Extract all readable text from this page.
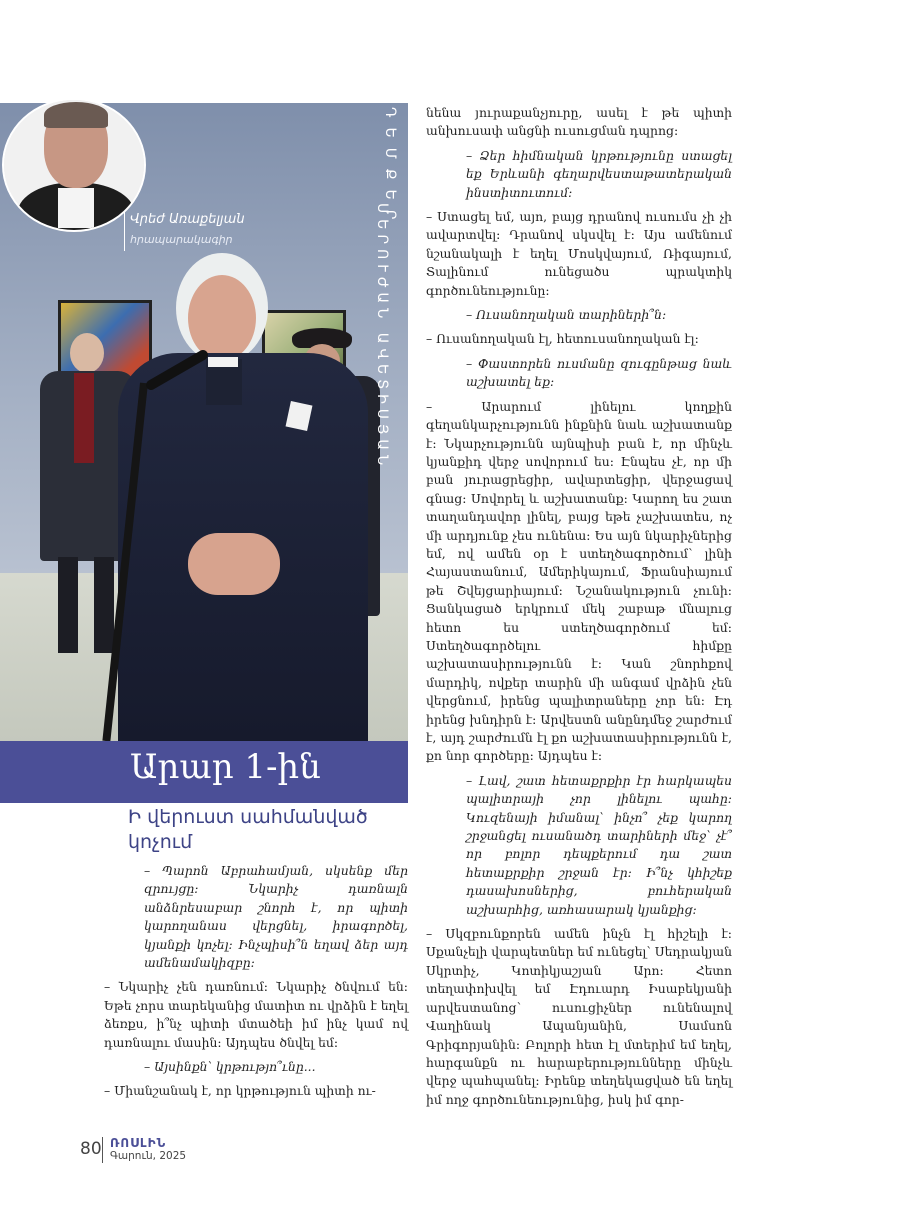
ԴԵՄՔԵՐ
ՄԵՐՈՒԺԱՆ ԱՎԵՏԻՍՅԱՆ
Վրեժ Առաքելյան
հրապարակագիր
Արար 1-ին
Ի վերուստ սահմանված կոչում

– Պարոն Աբրահամյան, սկսենք մեր զրույցը։ Նկարիչ դառնալն անձնրեսաբար շնորհ է, որ պիտի կարողանաս վերցնել, իրագործել, կյանքի կոչել։ Ինչպիսի՞ն եղավ ձեր այդ ամենամակիզբը։

– Նկարիչ չեն դառնում։ Նկարիչ ծնվում են։ Եթե չորս տարեկանից մատիտ ու վրձին է եղել ձեռքս, ի՞նչ պիտի մտածեի իմ ինչ կամ ով դառնալու մասին։ Այդպես ծնվել եմ։

– Այսինքն՝ կրթությո՞ւնը...

– Միանշանակ է, որ կրթություն պիտի ու-

նենա յուրաքանչյուրը, ասել է թե պիտի անխուսափ անցնի ուսուցման դպրոց։

– Ձեր հիմնական կրթությունը ստացել եք Երևանի գեղարվեստաթատերական ինստիտուտում։

– Ստացել եմ, այո, բայց դրանով ուսումս չի չի ավարտվել։ Դրանով սկսվել է։ Այս ամենում նշանակալի է եղել Մոսկվայում, Ռիգայում, Տալինում ունեցածս պրակտիկ գործունեությունը։

– Ուսանողական տարիների՞ն։

– Ուսանողական էլ, հետուսանողական էլ։

– Փաստորեն ուսմանը զուգընթաց նաև աշխատել եք։

– Արարում լինելու կողքին գեղանկարչությունն ինքնին նաև աշխատանք է։ Նկարչությունն այնպիսի բան է, որ մինչև կյանքիդ վերջ սովորում ես։ Էնպես չէ, որ մի բան յուրացրեցիր, ավարտեցիր, վերջացավ գնաց։ Սովորել և աշխատանք։ Կարող ես շատ տաղանդավոր լինել, բայց եթե չաշխատես, ոչ մի արդյունք չես ունենա։ Ես այն նկարիչներից եմ, ով ամեն օր է ստեղծագործում՝ լինի Հայաստանում, Ամերիկայում, Ֆրանսիայում թե Շվեյցարիայում։ Նշանակություն չունի։ Ցանկացած երկրում մեկ շաբաթ մնալուց հետո ես ստեղծագործում եմ։ Ստեղծագործելու հիմքը աշխատասիրությունն է։ Կան շնորհքով մարդիկ, ովքեր տարին մի անգամ վրձին չեն վերցնում, իրենց պալիտրաները չոր են։ Էդ իրենց խնդիրն է։ Արվեստն անընդմեջ շարժում է, այդ շարժումն էլ քո աշխատասիրությունն է, քո նոր գործերը։ Այդպես է։

– Լավ, շատ հետաքրքիր էր հարկապես պալիտրայի չոր լինելու պահը։ Կուզենայի իմանալ՝ ինչո՞ չեք կարող շրջանցել ուսանածդ տարիների մեջ՝ չէ՞ որ բոլոր դեպքերում դա շատ հետաքրքիր շրջան էր։ Ի՞նչ կհիշեք դասախոսներից, բուհերական աշխարհից, առհասարակ կյանքից։

– Սկզբունքորեն ամեն ինչն էլ հիշելի է։ Սքանչելի վարպետներ եմ ունեցել՝ Սեդրակյան Սկրտիչ, Կոտիկյաշյան Արո։ Հետո տեղափոխվել եմ Էդուարդ Իսաբեկյանի արվեստանոց՝ ուսուցիչներ ունենալով Վաղինակ Ապանյանին, Սամսոն Գրիգորյանին։ Բոլորի հետ էլ մտերիմ եմ եղել, հարգանքն ու հարաբերությունները մինչև վերջ պահպանել։ Իրենք տեղեկացված են եղել իմ ողջ գործունեությունից, իսկ իմ գոր-

80 ՌՈՍԼԻՆ
Գարուն, 2025
